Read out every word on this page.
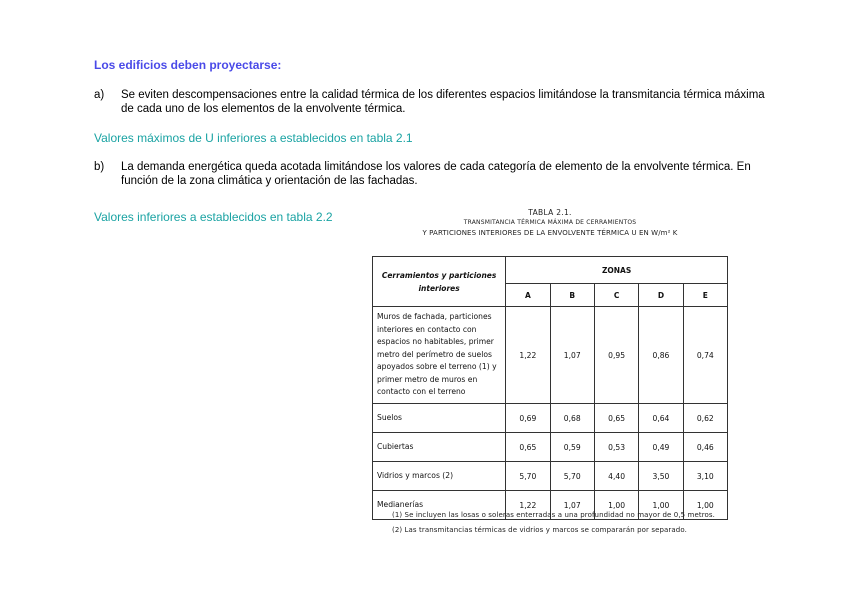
Los edificios deben proyectarse:
a) Se eviten descompensaciones entre la calidad térmica de los diferentes espacios limitándose la transmitancia térmica máxima de cada uno de los elementos de la envolvente térmica.
Valores máximos de U inferiores a establecidos en tabla 2.1
b) La demanda energética queda acotada limitándose los valores de cada categoría de elemento de la envolvente térmica. En función de la zona climática y orientación de las fachadas.
Valores inferiores a establecidos en tabla 2.2	TABLA 2.1.
TRANSMITANCIA TÉRMICA MÁXIMA DE CERRAMIENTOS
Y PARTICIONES INTERIORES DE LA ENVOLVENTE TÉRMICA U EN W/m² K
Cerramientos y particiones interiores	ZONAS				
	A	B	C	D	E
Muros de fachada, particiones interiores en contacto con espacios no habitables, primer metro del perímetro de suelos apoyados sobre el terreno (1) y primer metro de muros en contacto con el terreno	1,22	1,07	0,95	0,86	0,74
Suelos	0,69	0,68	0,65	0,64	0,62
Cubiertas	0,65	0,59	0,53	0,49	0,46
Vidrios y marcos (2)	5,70	5,70	4,40	3,50	3,10
Medianerías	1,22	1,07	1,00	1,00	1,00
(1) Se incluyen las losas o soleras enterradas a una profundidad no mayor de 0,5 metros.
(2) Las transmitancias térmicas de vidrios y marcos se compararán por separado.
